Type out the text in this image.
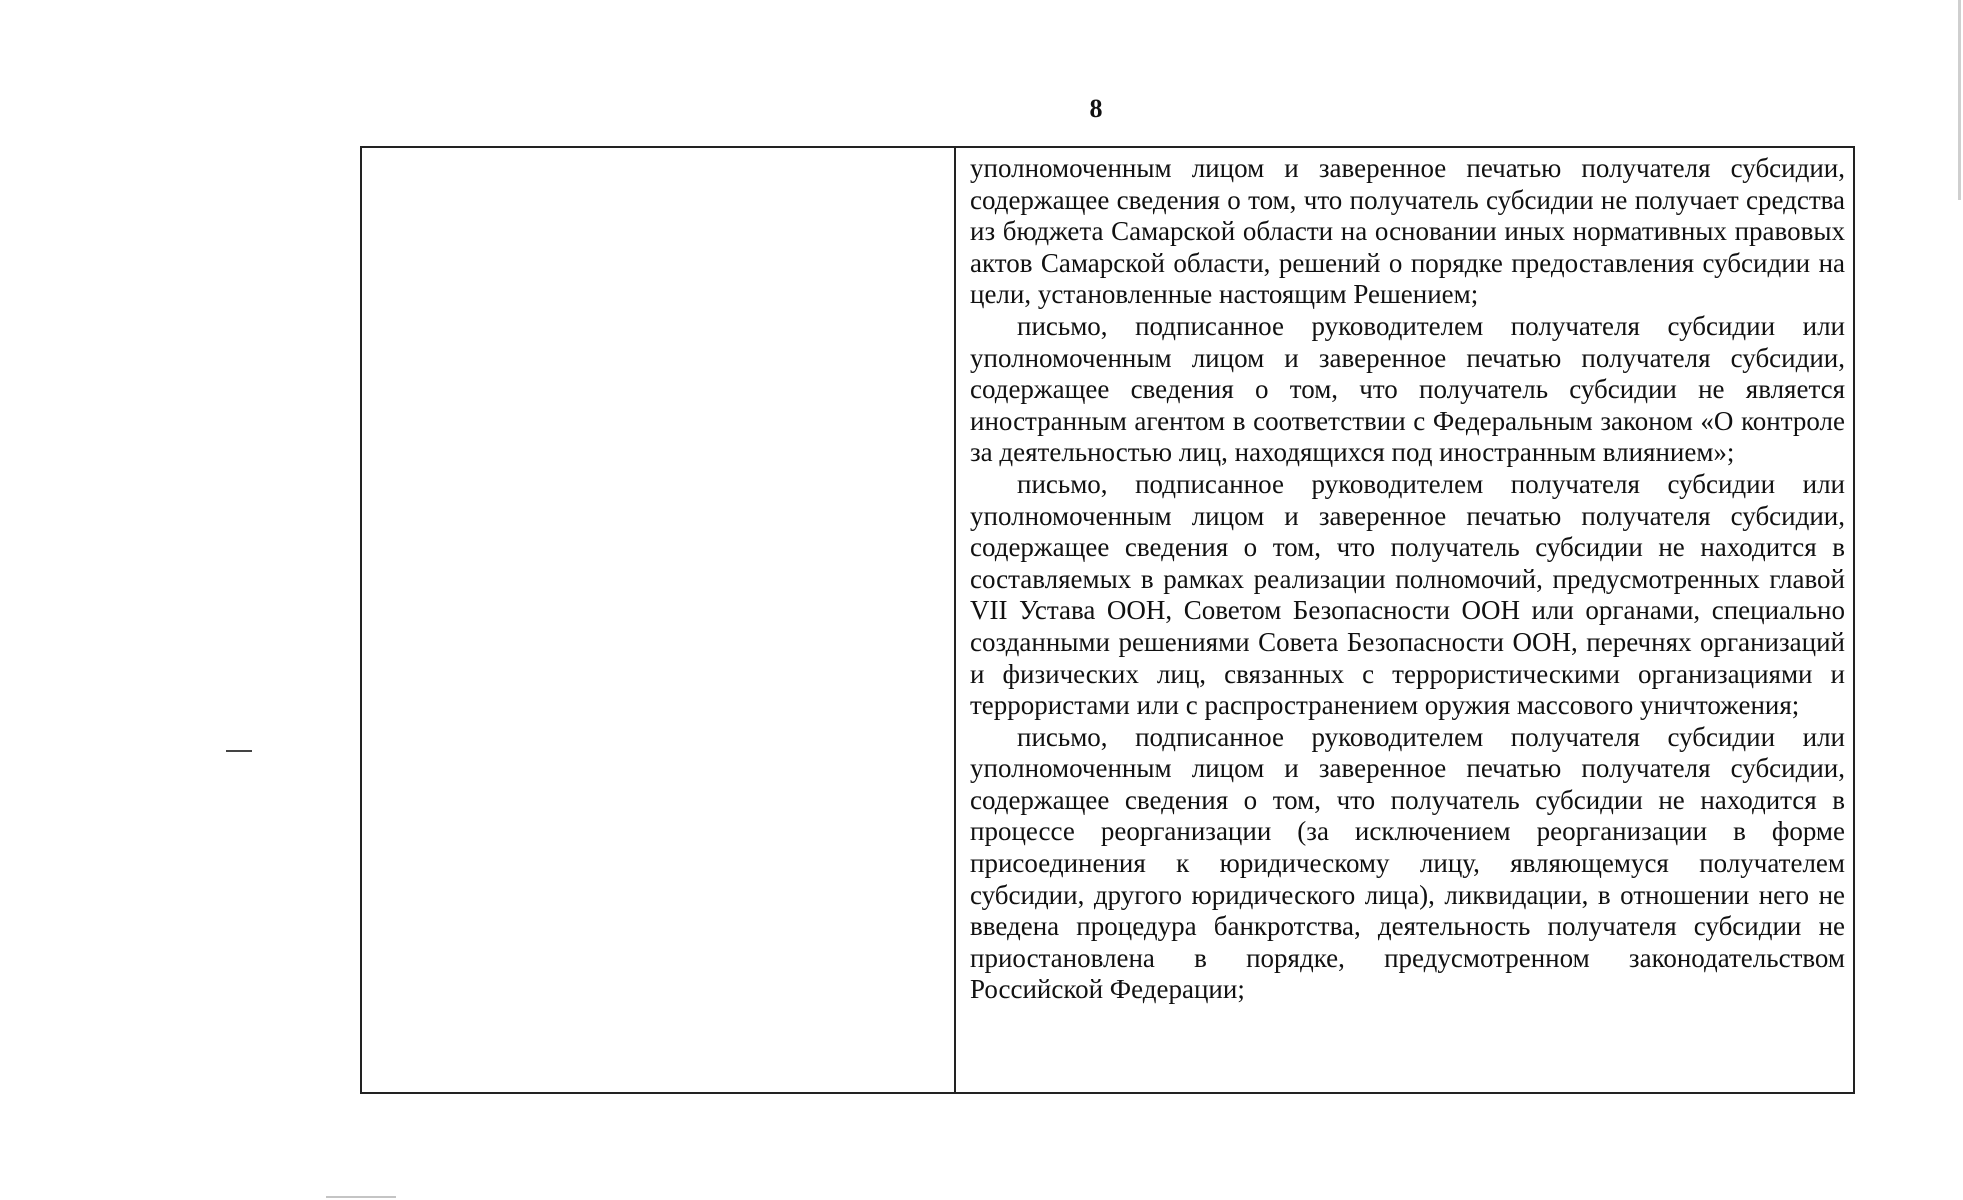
8

уполномоченным лицом и заверенное печатью получателя субсидии, содержащее сведения о том, что получатель субсидии не получает средства из бюджета Самарской области на основании иных нормативных правовых актов Самарской области, решений о порядке предоставления субсидии на цели, установленные настоящим Решением;

письмо, подписанное руководителем получателя субсидии или уполномоченным лицом и заверенное печатью получателя субсидии, содержащее сведения о том, что получатель субсидии не является иностранным агентом в соответствии с Федеральным законом «О контроле за деятельностью лиц, находящихся под иностранным влиянием»;

письмо, подписанное руководителем получателя субсидии или уполномоченным лицом и заверенное печатью получателя субсидии, содержащее сведения о том, что получатель субсидии не находится в составляемых в рамках реализации полномочий, предусмотренных главой VII Устава ООН, Советом Безопасности ООН или органами, специально созданными решениями Совета Безопасности ООН, перечнях организаций и физических лиц, связанных с террористическими организациями и террористами или с распространением оружия массового уничтожения;

письмо, подписанное руководителем получателя субсидии или уполномоченным лицом и заверенное печатью получателя субсидии, содержащее сведения о том, что получатель субсидии не находится в процессе реорганизации (за исключением реорганизации в форме присоединения к юридическому лицу, являющемуся получателем субсидии, другого юридического лица), ликвидации, в отношении него не введена процедура банкротства, деятельность получателя субсидии не приостановлена в порядке, предусмотренном законодательством Российской Федерации;
